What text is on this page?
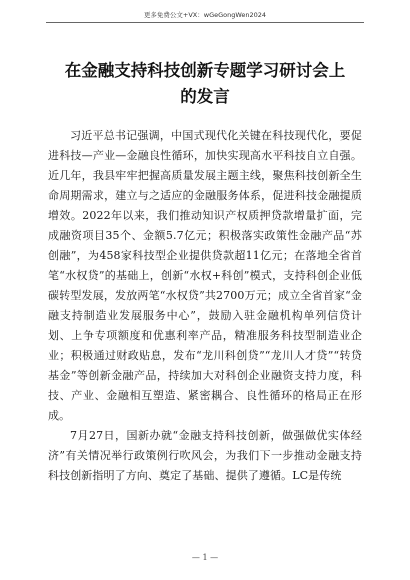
更多免费公文+VX：wGeGongWen2024
在金融支持科技创新专题学习研讨会上的发言

习近平总书记强调，中国式现代化关键在科技现代化，要促进科技—产业—金融良性循环，加快实现高水平科技自立自强。近几年，我县牢牢把握高质量发展主题主线，聚焦科技创新全生命周期需求，建立与之适应的金融服务体系，促进科技金融提质增效。2022年以来，我们推动知识产权质押贷款增量扩面，完成融资项目35个、金额5.7亿元；积极落实政策性金融产品“苏创融”，为458家科技型企业提供贷款超11亿元；在落地全省首笔“水权贷”的基础上，创新“水权+科创”模式，支持科创企业低碳转型发展，发放两笔“水权贷”共2700万元；成立全省首家“金融支持制造业发展服务中心”，鼓励入驻金融机构单列信贷计划、上争专项额度和优惠利率产品，精准服务科技型制造业企业；积极通过财政贴息，发布“龙川科创贷”“龙川人才贷”“转贷基金”等创新金融产品，持续加大对科创企业融资支持力度，科技、产业、金融相互塑造、紧密耦合、良性循环的格局正在形成。

7月27日，国新办就“金融支持科技创新，做强做优实体经济”有关情况举行政策例行吹风会，为我们下一步推动金融支持科技创新指明了方向、奠定了基础、提供了遵循。LC是传统

— 1 —
